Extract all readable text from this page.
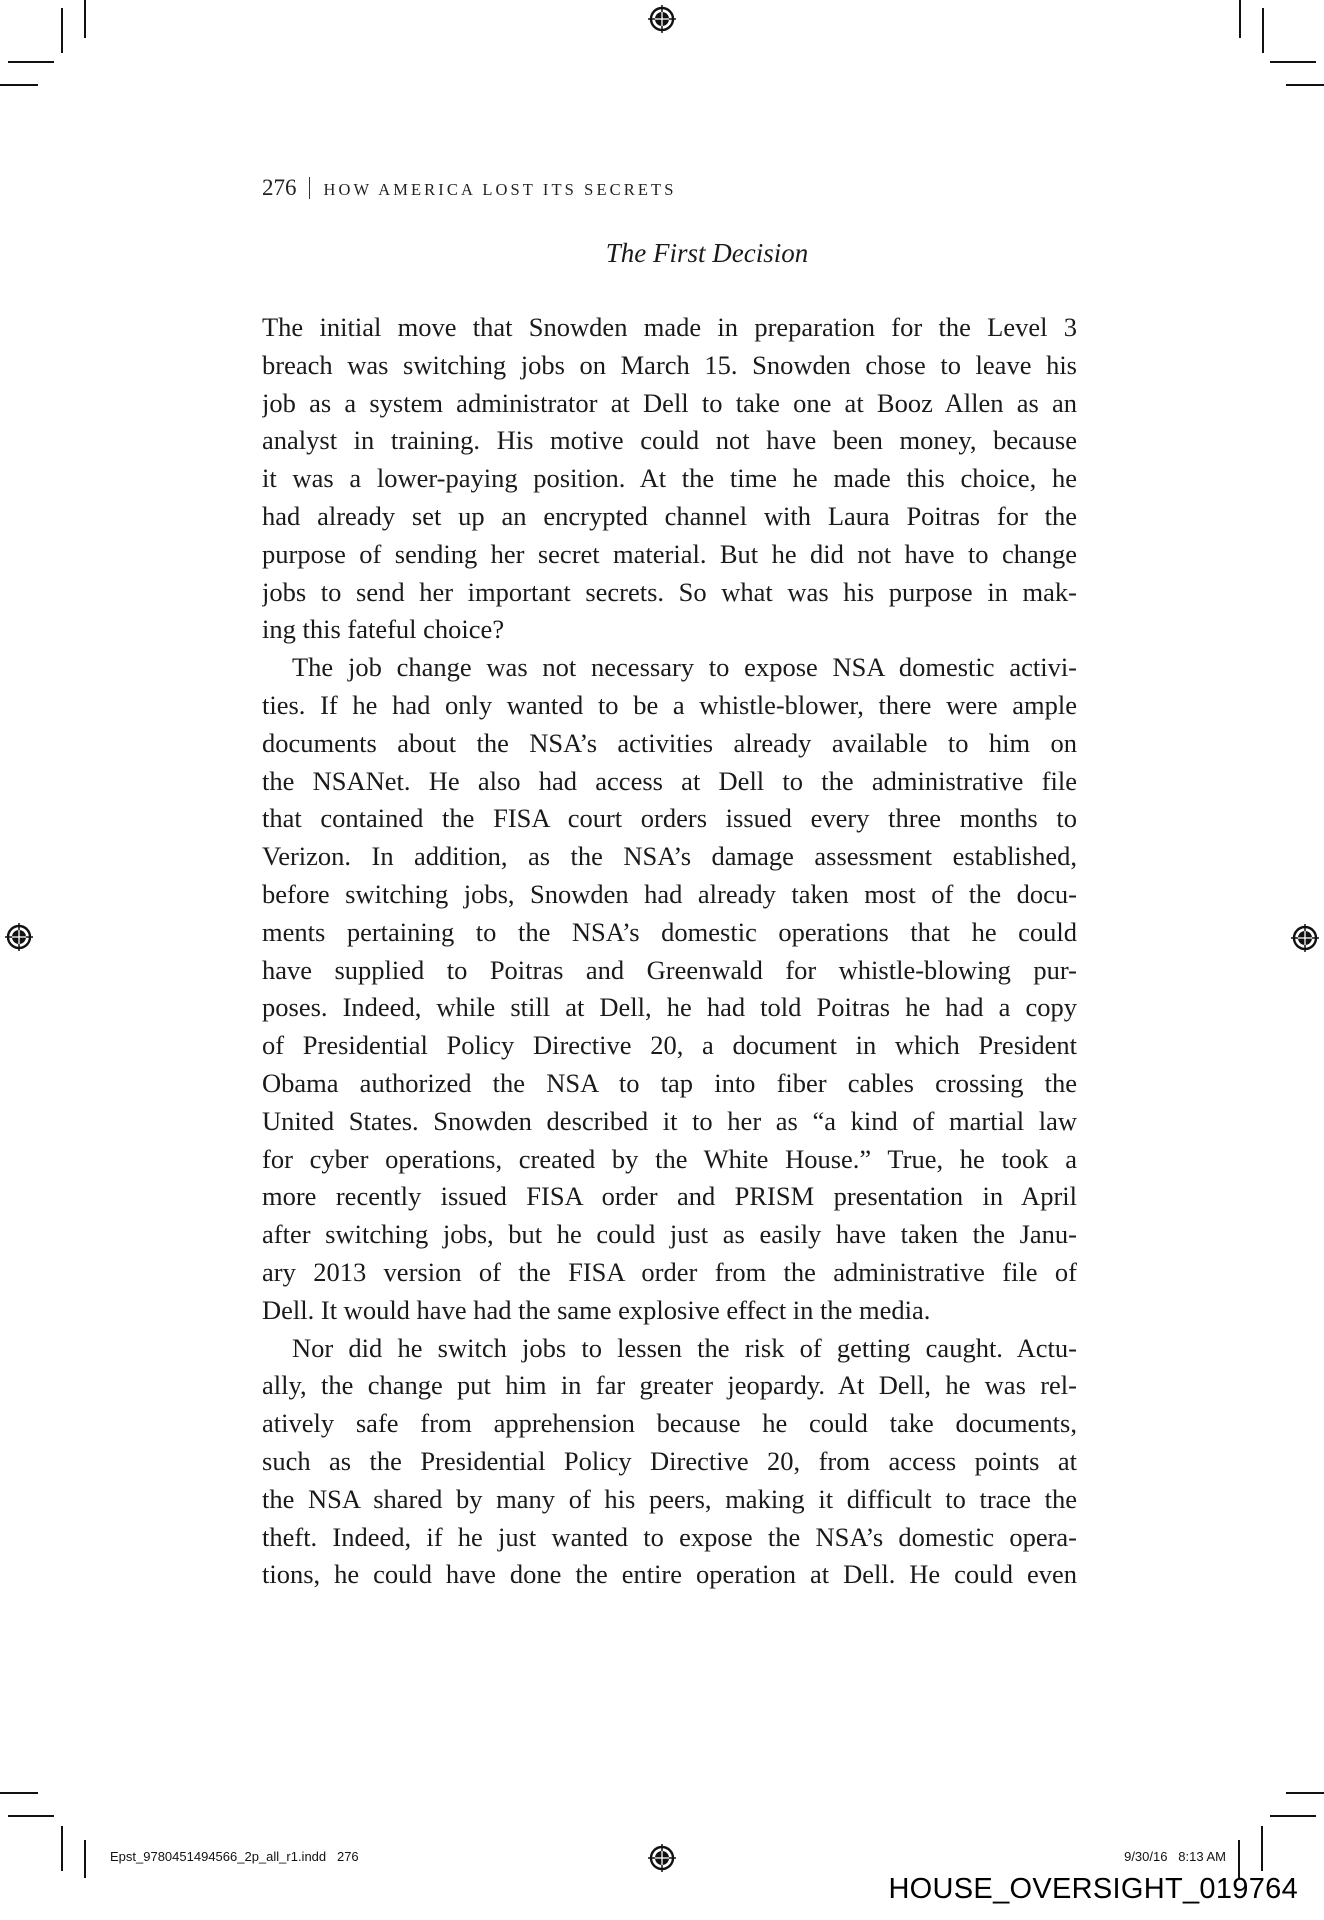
276 HOW AMERICA LOST ITS SECRETS
The First Decision
The initial move that Snowden made in preparation for the Level 3
breach was switching jobs on March 15. Snowden chose to leave his
job as a system administrator at Dell to take one at Booz Allen as an
analyst in training. His motive could not have been money, because
it was a lower-paying position. At the time he made this choice, he
had already set up an encrypted channel with Laura Poitras for the
purpose of sending her secret material. But he did not have to change
jobs to send her important secrets. So what was his purpose in mak-
ing this fateful choice?
The job change was not necessary to expose NSA domestic activi-
ties. If he had only wanted to be a whistle-blower, there were ample
documents about the NSA’s activities already available to him on
the NSANet. He also had access at Dell to the administrative file
that contained the FISA court orders issued every three months to
Verizon. In addition, as the NSA’s damage assessment established,
before switching jobs, Snowden had already taken most of the docu-
ments pertaining to the NSA’s domestic operations that he could
have supplied to Poitras and Greenwald for whistle-blowing pur-
poses. Indeed, while still at Dell, he had told Poitras he had a copy
of Presidential Policy Directive 20, a document in which President
Obama authorized the NSA to tap into fiber cables crossing the
United States. Snowden described it to her as “a kind of martial law
for cyber operations, created by the White House.” True, he took a
more recently issued FISA order and PRISM presentation in April
after switching jobs, but he could just as easily have taken the Janu-
ary 2013 version of the FISA order from the administrative file of
Dell. It would have had the same explosive effect in the media.
Nor did he switch jobs to lessen the risk of getting caught. Actu-
ally, the change put him in far greater jeopardy. At Dell, he was rel-
atively safe from apprehension because he could take documents,
such as the Presidential Policy Directive 20, from access points at
the NSA shared by many of his peers, making it difficult to trace the
theft. Indeed, if he just wanted to expose the NSA’s domestic opera-
tions, he could have done the entire operation at Dell. He could even
Epst_9780451494566_2p_all_r1.indd   276	9/30/16   8:13 AM
HOUSE_OVERSIGHT_019764
